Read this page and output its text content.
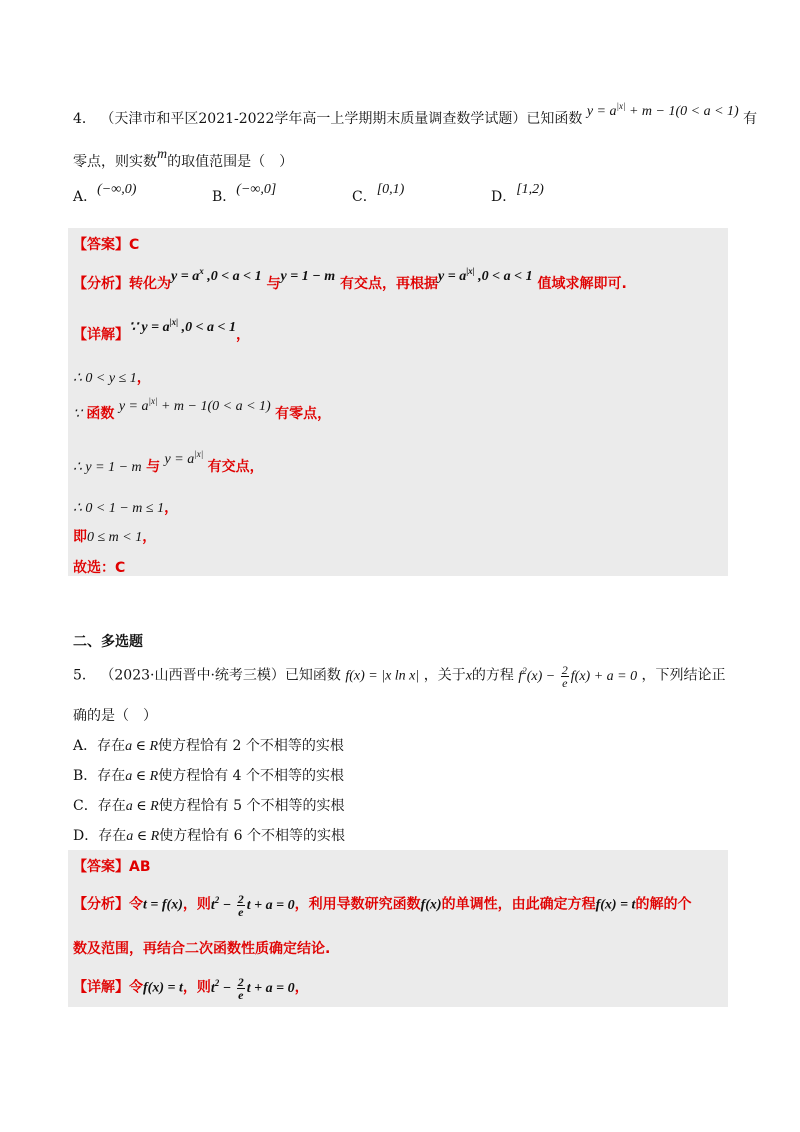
4． （天津市和平区2021-2022学年高一上学期期末质量调查数学试题）已知函数 $y = a^{|x|} + m - 1(0 < a < 1)$ 有
零点，则实数m的取值范围是（　）
A．(−∞,0)	B．(−∞,0]	C．[0,1)	D．[1,2)
【答案】C
【分析】转化为$y = a^x$ ,0 < a < 1 与y = 1 − m 有交点，再根据$y = a^{|x|}$ ,0 < a < 1 值域求解即可.
【详解】∵ $y = a^{|x|}$ ,0 < a < 1，
∴ 0 < y ≤ 1，
∵ 函数 $y = a^{|x|} + m - 1(0 < a < 1)$ 有零点，
∴ y = 1 − m 与 $y = a^{|x|}$ 有交点，
∴ 0 < 1 − m ≤ 1，
即0 ≤ m < 1，
故选：C
二、多选题
5． （2023·山西晋中·统考三模）已知函数 f(x) = |x ln x| ，关于x的方程 $f^2(x) - \frac{2}{e} f(x) + a = 0$ ，下列结论正
确的是（　）
A．存在a ∈ R使方程恰有 2 个不相等的实根
B．存在a ∈ R使方程恰有 4 个不相等的实根
C．存在a ∈ R使方程恰有 5 个不相等的实根
D．存在a ∈ R使方程恰有 6 个不相等的实根
【答案】AB
【分析】令t = f(x)，则$t^2 - \frac{2}{e}$ t + a = 0，利用导数研究函数f(x)的单调性，由此确定方程f(x) = t的解的个
数及范围，再结合二次函数性质确定结论.
【详解】令f(x) = t，则$t^2 - \frac{2}{e}$ t + a = 0，
